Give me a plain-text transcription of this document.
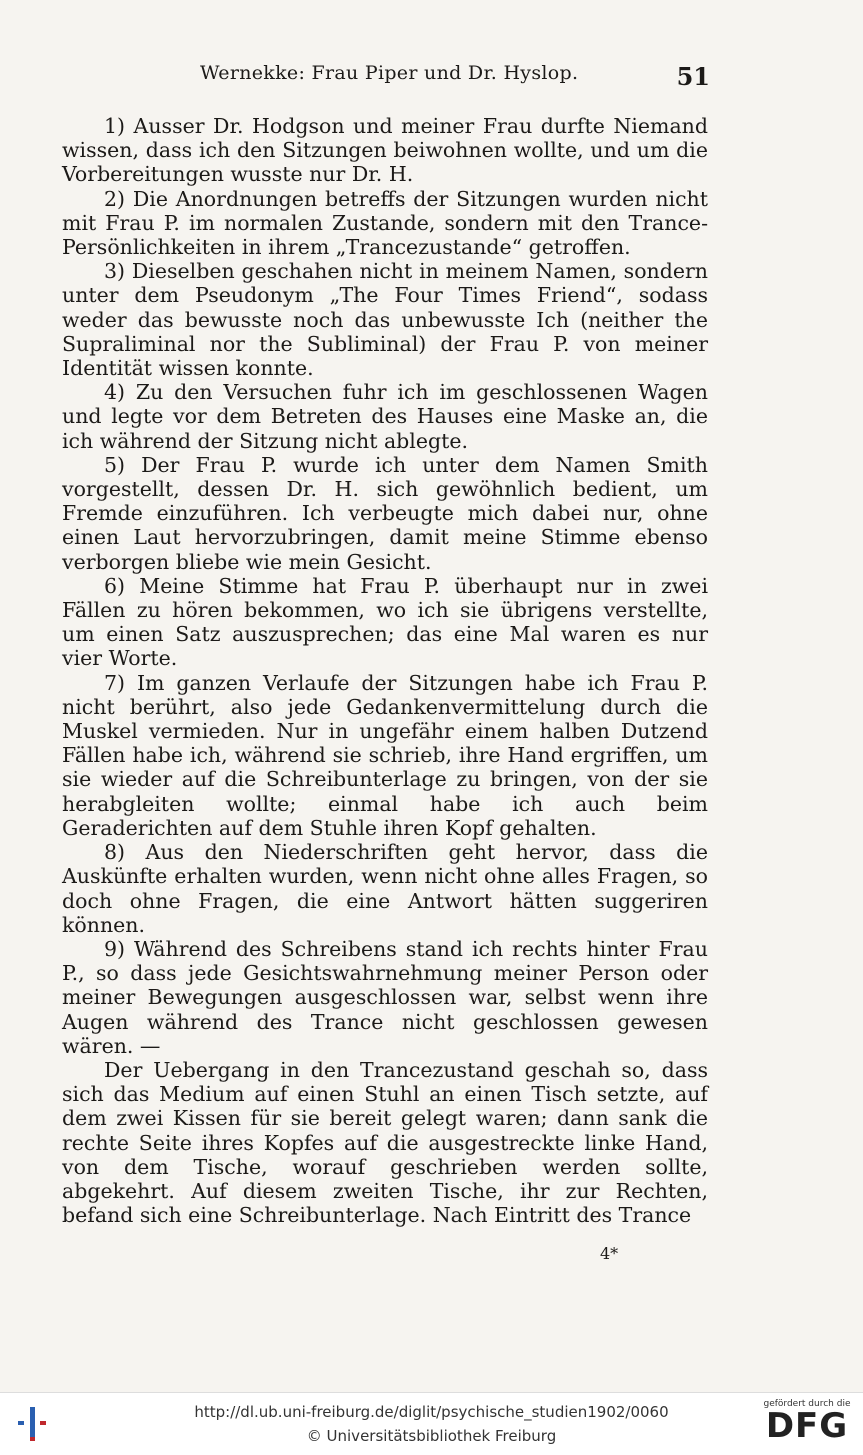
Wernekke: Frau Piper und Dr. Hyslop.	51

1) Ausser Dr. Hodgson und meiner Frau durfte Niemand wissen, dass ich den Sitzungen beiwohnen wollte, und um die Vorbereitungen wusste nur Dr. H.

2) Die Anordnungen betreffs der Sitzungen wurden nicht mit Frau P. im normalen Zustande, sondern mit den Trance-Persönlichkeiten in ihrem „Trancezustande“ getroffen.

3) Dieselben geschahen nicht in meinem Namen, sondern unter dem Pseudonym „The Four Times Friend“, sodass weder das bewusste noch das unbewusste Ich (neither the Supraliminal nor the Subliminal) der Frau P. von meiner Identität wissen konnte.

4) Zu den Versuchen fuhr ich im geschlossenen Wagen und legte vor dem Betreten des Hauses eine Maske an, die ich während der Sitzung nicht ablegte.

5) Der Frau P. wurde ich unter dem Namen Smith vorgestellt, dessen Dr. H. sich gewöhnlich bedient, um Fremde einzuführen. Ich verbeugte mich dabei nur, ohne einen Laut hervorzubringen, damit meine Stimme ebenso verborgen bliebe wie mein Gesicht.

6) Meine Stimme hat Frau P. überhaupt nur in zwei Fällen zu hören bekommen, wo ich sie übrigens verstellte, um einen Satz auszusprechen; das eine Mal waren es nur vier Worte.

7) Im ganzen Verlaufe der Sitzungen habe ich Frau P. nicht berührt, also jede Gedankenvermittelung durch die Muskel vermieden. Nur in ungefähr einem halben Dutzend Fällen habe ich, während sie schrieb, ihre Hand ergriffen, um sie wieder auf die Schreibunterlage zu bringen, von der sie herabgleiten wollte; einmal habe ich auch beim Geraderichten auf dem Stuhle ihren Kopf gehalten.

8) Aus den Niederschriften geht hervor, dass die Auskünfte erhalten wurden, wenn nicht ohne alles Fragen, so doch ohne Fragen, die eine Antwort hätten suggeriren können.

9) Während des Schreibens stand ich rechts hinter Frau P., so dass jede Gesichtswahrnehmung meiner Person oder meiner Bewegungen ausgeschlossen war, selbst wenn ihre Augen während des Trance nicht geschlossen gewesen wären. —

Der Uebergang in den Trancezustand geschah so, dass sich das Medium auf einen Stuhl an einen Tisch setzte, auf dem zwei Kissen für sie bereit gelegt waren; dann sank die rechte Seite ihres Kopfes auf die ausgestreckte linke Hand, von dem Tische, worauf geschrieben werden sollte, abgekehrt. Auf diesem zweiten Tische, ihr zur Rechten, befand sich eine Schreibunterlage. Nach Eintritt des Trance

4*
http://dl.ub.uni-freiburg.de/diglit/psychische_studien1902/0060
© Universitätsbibliothek Freiburg
gefördert durch die
DFG
